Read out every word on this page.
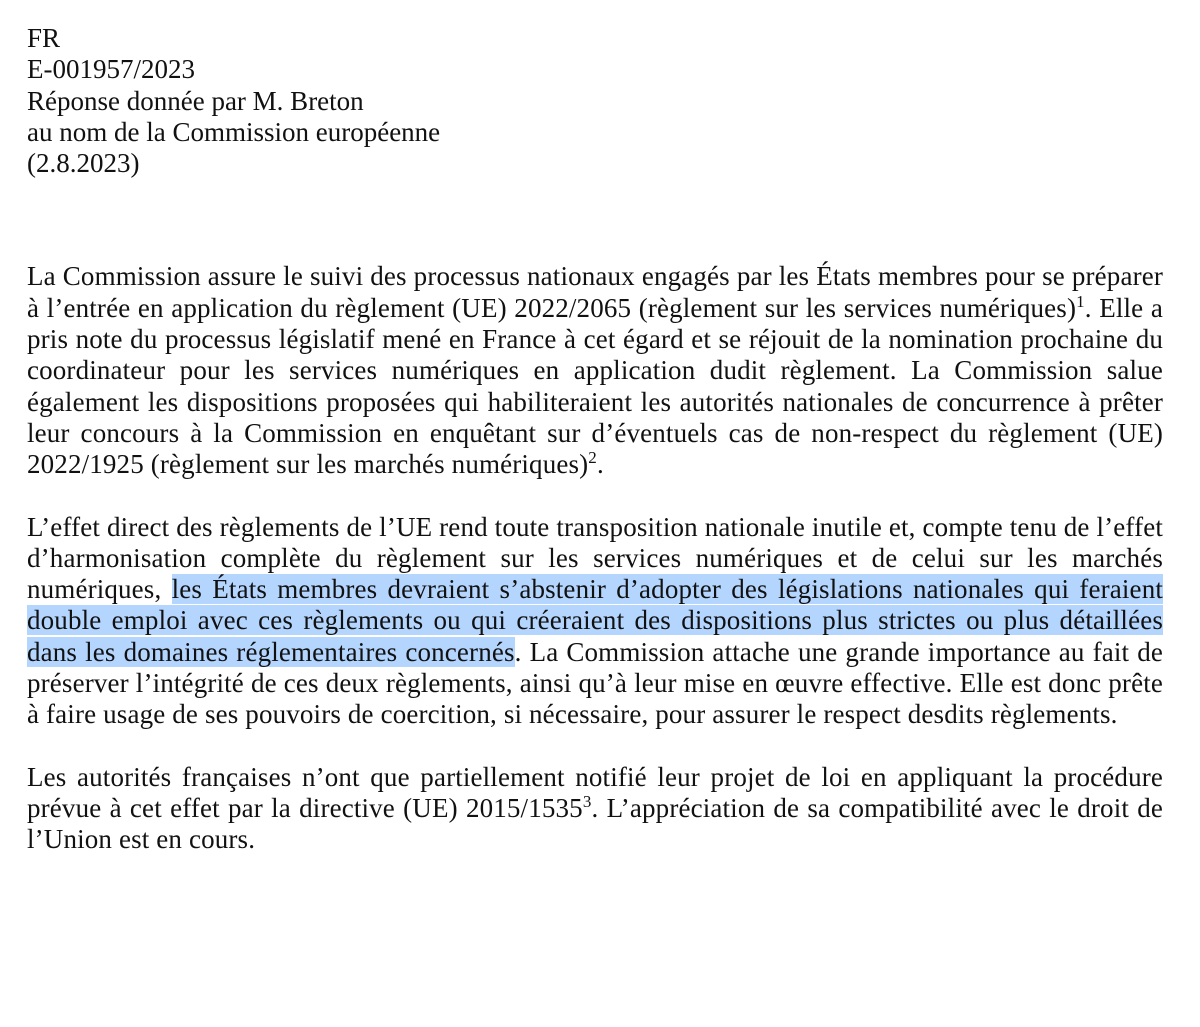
FR
E-001957/2023
Réponse donnée par M. Breton
au nom de la Commission européenne
(2.8.2023)

La Commission assure le suivi des processus nationaux engagés par les États membres pour se préparer à l’entrée en application du règlement (UE) 2022/2065 (règlement sur les services numériques)$^1$. Elle a pris note du processus législatif mené en France à cet égard et se réjouit de la nomination prochaine du coordinateur pour les services numériques en application dudit règlement. La Commission salue également les dispositions proposées qui habiliteraient les autorités nationales de concurrence à prêter leur concours à la Commission en enquêtant sur d’éventuels cas de non-respect du règlement (UE) 2022/1925 (règlement sur les marchés numériques)$^2$.

L’effet direct des règlements de l’UE rend toute transposition nationale inutile et, compte tenu de l’effet d’harmonisation complète du règlement sur les services numériques et de celui sur les marchés numériques, les États membres devraient s’abstenir d’adopter des législations nationales qui feraient double emploi avec ces règlements ou qui créeraient des dispositions plus strictes ou plus détaillées dans les domaines réglementaires concernés. La Commission attache une grande importance au fait de préserver l’intégrité de ces deux règlements, ainsi qu’à leur mise en œuvre effective. Elle est donc prête à faire usage de ses pouvoirs de coercition, si nécessaire, pour assurer le respect desdits règlements.

Les autorités françaises n’ont que partiellement notifié leur projet de loi en appliquant la procédure prévue à cet effet par la directive (UE) 2015/1535$^3$. L’appréciation de sa compatibilité avec le droit de l’Union est en cours.
